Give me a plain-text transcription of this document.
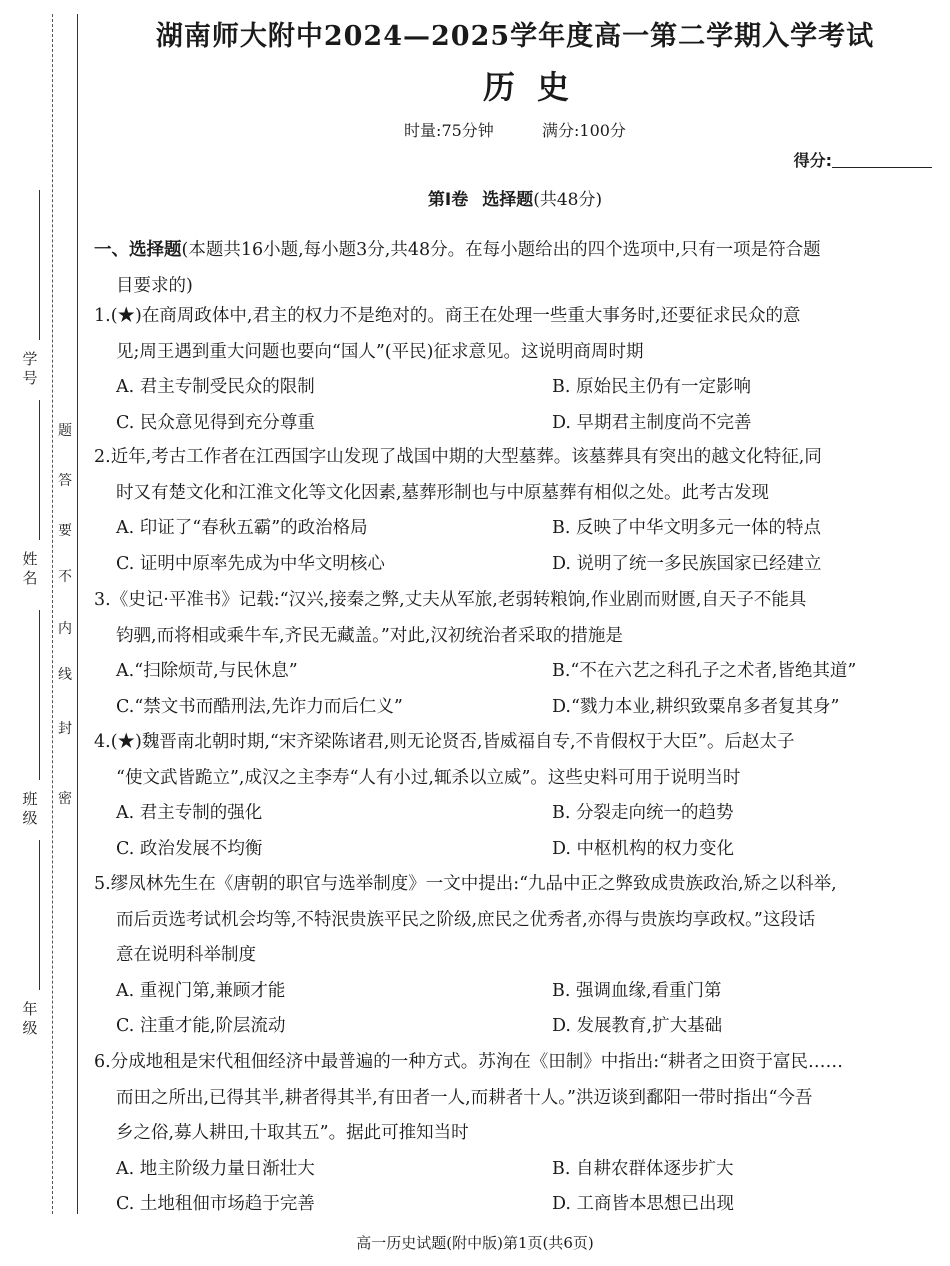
学号
姓名
班级
年级
密
封
线
内
不
要
答
题
湖南师大附中2024—2025学年度高一第二学期入学考试
历史
时量:75分钟	满分:100分
得分:
第Ⅰ卷 选择题(共48分)
一、选择题(本题共16小题,每小题3分,共48分。在每小题给出的四个选项中,只有一项是符合题
目要求的)

1.(★)在商周政体中,君主的权力不是绝对的。商王在处理一些重大事务时,还要征求民众的意
见;周王遇到重大问题也要向“国人”(平民)征求意见。这说明商周时期

A. 君主专制受民众的限制	B. 原始民主仍有一定影响
C. 民众意见得到充分尊重	D. 早期君主制度尚不完善

2.近年,考古工作者在江西国字山发现了战国中期的大型墓葬。该墓葬具有突出的越文化特征,同
时又有楚文化和江淮文化等文化因素,墓葬形制也与中原墓葬有相似之处。此考古发现

A. 印证了“春秋五霸”的政治格局	B. 反映了中华文明多元一体的特点
C. 证明中原率先成为中华文明核心	D. 说明了统一多民族国家已经建立

3.《史记·平准书》记载:“汉兴,接秦之弊,丈夫从军旅,老弱转粮饷,作业剧而财匮,自天子不能具
钧驷,而将相或乘牛车,齐民无藏盖。”对此,汉初统治者采取的措施是

A.“扫除烦苛,与民休息”	B.“不在六艺之科孔子之术者,皆绝其道”
C.“禁文书而酷刑法,先诈力而后仁义”	D.“戮力本业,耕织致粟帛多者复其身”

4.(★)魏晋南北朝时期,“宋齐梁陈诸君,则无论贤否,皆威福自专,不肯假权于大臣”。后赵太子
“使文武皆跪立”,成汉之主李寿“人有小过,辄杀以立威”。这些史料可用于说明当时

A. 君主专制的强化	B. 分裂走向统一的趋势
C. 政治发展不均衡	D. 中枢机构的权力变化

5.缪凤林先生在《唐朝的职官与选举制度》一文中提出:“九品中正之弊致成贵族政治,矫之以科举,
而后贡选考试机会均等,不特泯贵族平民之阶级,庶民之优秀者,亦得与贵族均享政权。”这段话
意在说明科举制度

A. 重视门第,兼顾才能	B. 强调血缘,看重门第
C. 注重才能,阶层流动	D. 发展教育,扩大基础

6.分成地租是宋代租佃经济中最普遍的一种方式。苏洵在《田制》中指出:“耕者之田资于富民……
而田之所出,已得其半,耕者得其半,有田者一人,而耕者十人。”洪迈谈到鄱阳一带时指出“今吾
乡之俗,募人耕田,十取其五”。据此可推知当时

A. 地主阶级力量日渐壮大	B. 自耕农群体逐步扩大
C. 土地租佃市场趋于完善	D. 工商皆本思想已出现
高一历史试题(附中版)第1页(共6页)
